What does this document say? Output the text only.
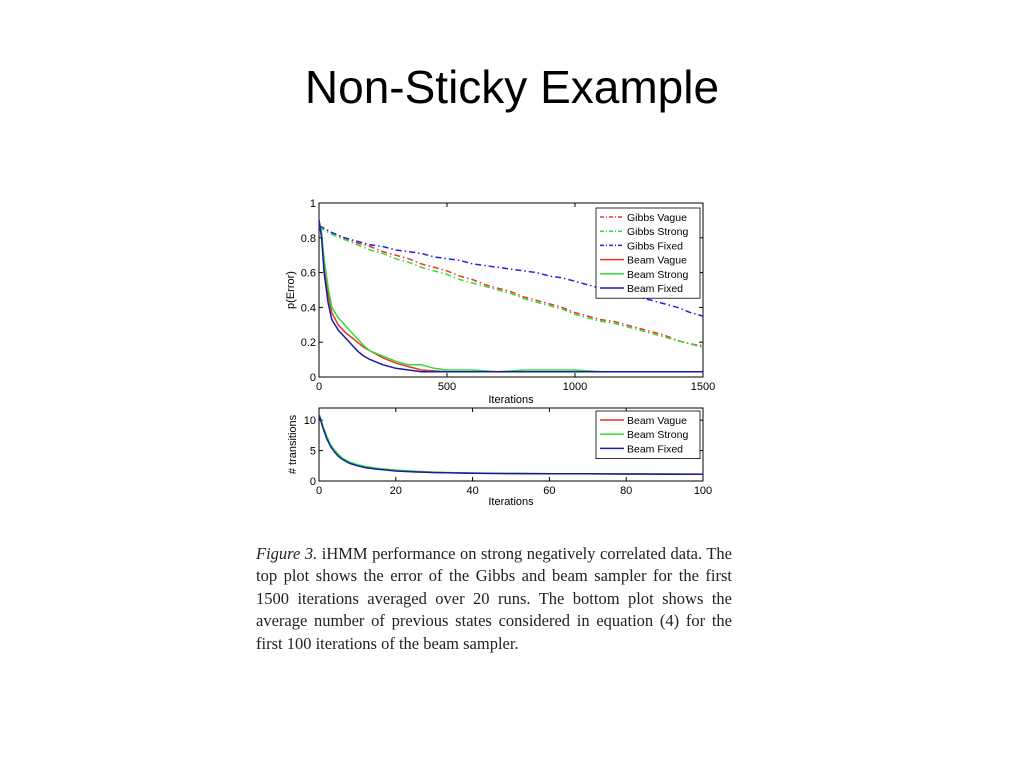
Non-Sticky Example
0	500	1000	1500
0
0.2
0.4
0.6
0.8
1
Iterations
p(Error)
Gibbs Vague
Gibbs Strong
Gibbs Fixed
Beam Vague
Beam Strong
Beam Fixed
0	20	40	60	80	100
0
5
10
Iterations
# transitions	Beam Vague
Beam Strong
Beam Fixed
Figure 3. iHMM performance on strong negatively correlated data. The top plot shows the error of the Gibbs and beam sampler for the first 1500 iterations averaged over 20 runs. The bottom plot shows the average number of previous states considered in equation (4) for the first 100 iterations of the beam sampler.
